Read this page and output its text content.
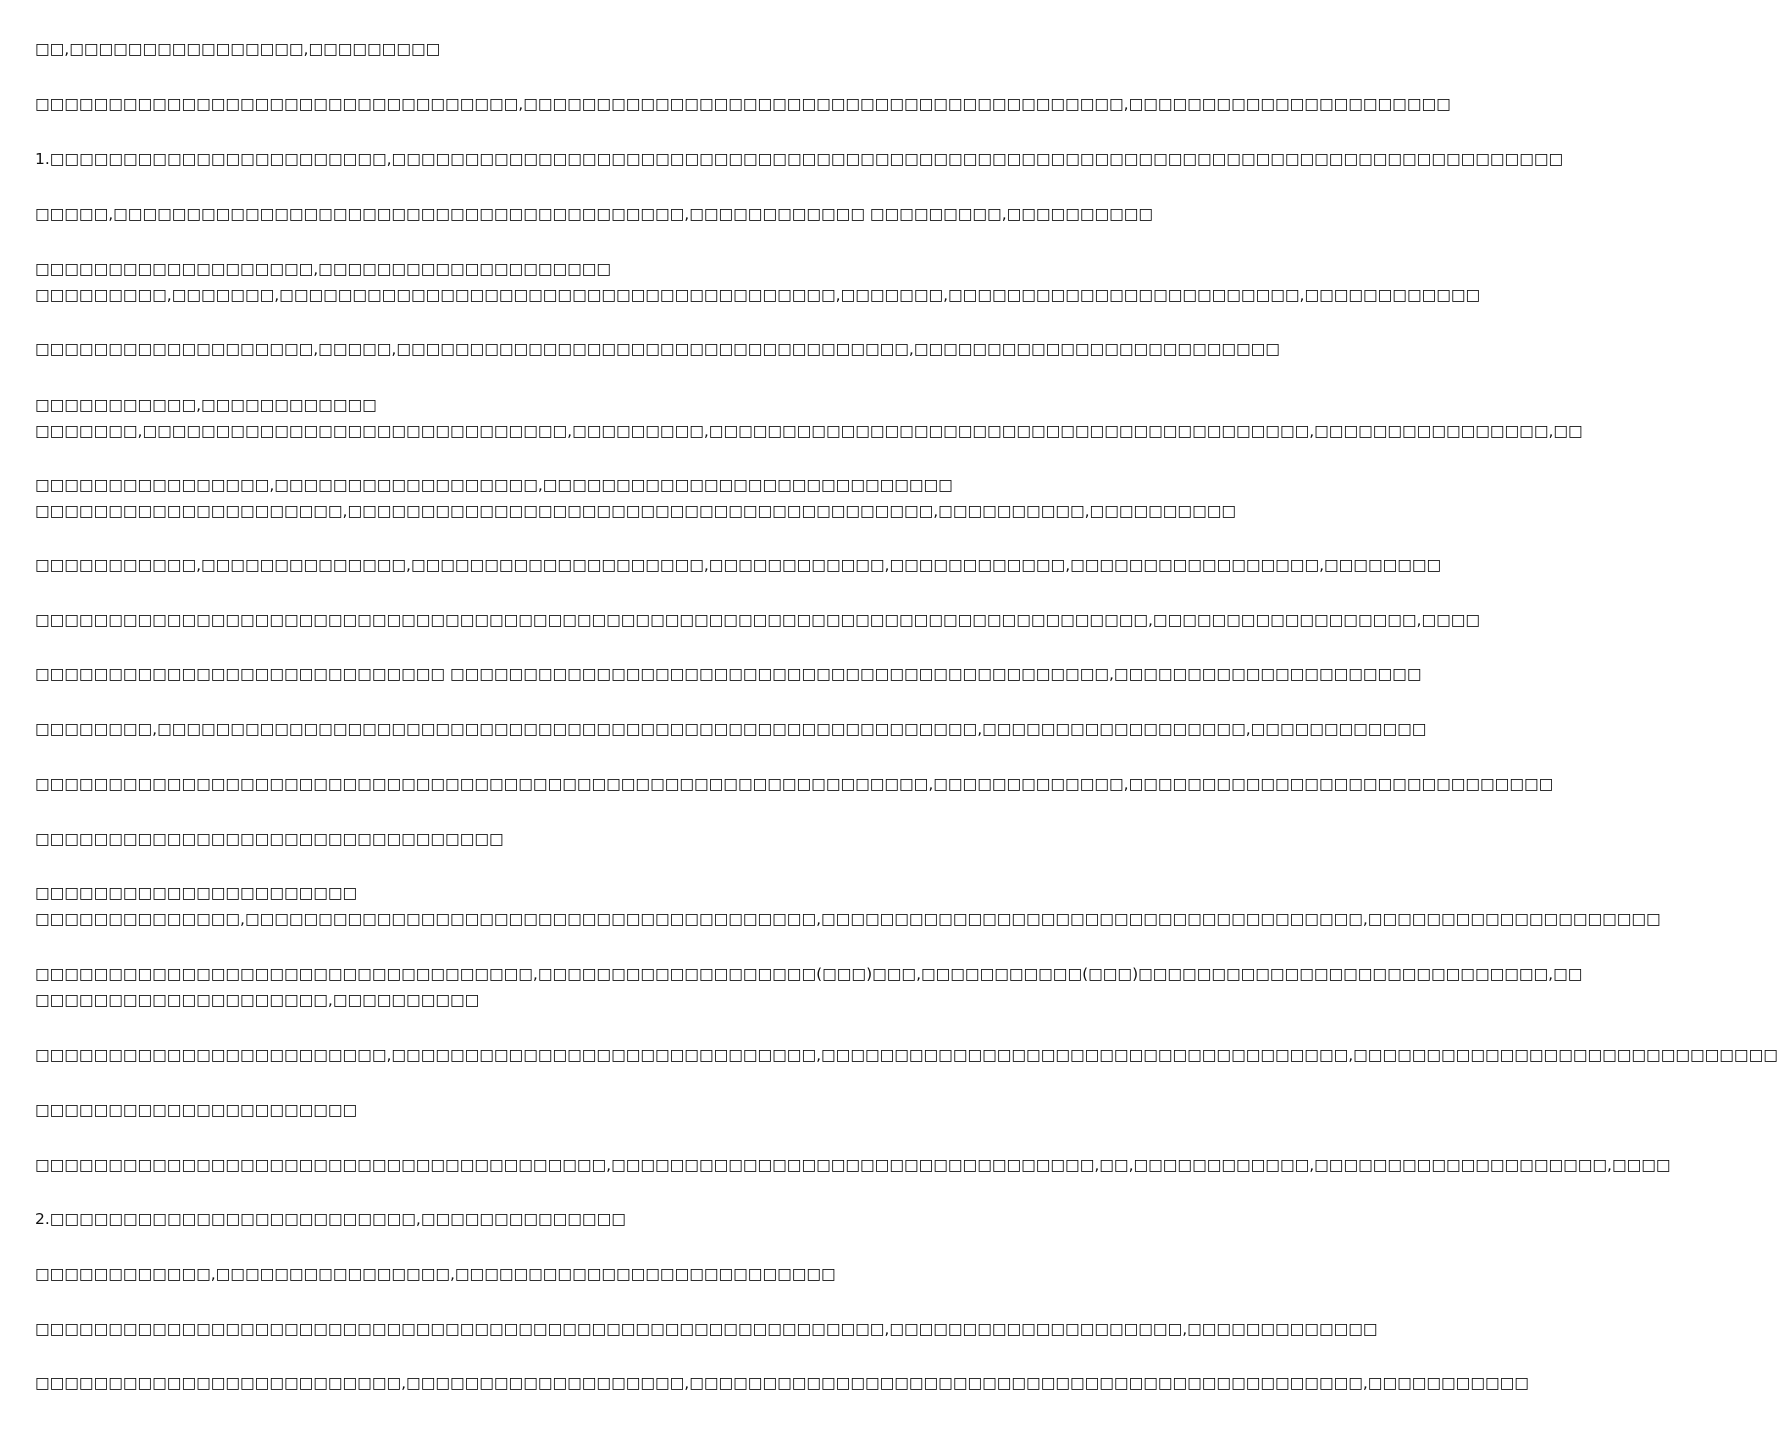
□□,□□□□□□□□□□□□□□□□,□□□□□□□□□
□□□□□□□□□□□□□□□□□□□□□□□□□□□□□□□□□,□□□□□□□□□□□□□□□□□□□□□□□□□□□□□□□□□□□□□□□□□,□□□□□□□□□□□□□□□□□□□□□□
1.□□□□□□□□□□□□□□□□□□□□□□□,□□□□□□□□□□□□□□□□□□□□□□□□□□□□□□□□□□□□□□□□□□□□□□□□□□□□□□□□□□□□□□□□□□□□□□□□□□□□□□□□
□□□□□,□□□□□□□□□□□□□□□□□□□□□□□□□□□□□□□□□□□□□□□,□□□□□□□□□□□□ □□□□□□□□□,□□□□□□□□□□
□□□□□□□□□□□□□□□□□□□,□□□□□□□□□□□□□□□□□□□□
□□□□□□□□□,□□□□□□□,□□□□□□□□□□□□□□□□□□□□□□□□□□□□□□□□□□□□□□,□□□□□□□,□□□□□□□□□□□□□□□□□□□□□□□□,□□□□□□□□□□□□
□□□□□□□□□□□□□□□□□□□,□□□□□,□□□□□□□□□□□□□□□□□□□□□□□□□□□□□□□□□□□,□□□□□□□□□□□□□□□□□□□□□□□□□
□□□□□□□□□□□,□□□□□□□□□□□□
□□□□□□□,□□□□□□□□□□□□□□□□□□□□□□□□□□□□□,□□□□□□□□□,□□□□□□□□□□□□□□□□□□□□□□□□□□□□□□□□□□□□□□□□□,□□□□□□□□□□□□□□□□,□□
□□□□□□□□□□□□□□□□,□□□□□□□□□□□□□□□□□□,□□□□□□□□□□□□□□□□□□□□□□□□□□□□
□□□□□□□□□□□□□□□□□□□□□,□□□□□□□□□□□□□□□□□□□□□□□□□□□□□□□□□□□□□□□□,□□□□□□□□□□,□□□□□□□□□□
□□□□□□□□□□□,□□□□□□□□□□□□□□,□□□□□□□□□□□□□□□□□□□□,□□□□□□□□□□□□,□□□□□□□□□□□□,□□□□□□□□□□□□□□□□□,□□□□□□□□
□□□□□□□□□□□□□□□□□□□□□□□□□□□□□□□□□□□□□□□□□□□□□□□□□□□□□□□□□□□□□□□□□□□□□□□□□□□□,□□□□□□□□□□□□□□□□□□,□□□□
□□□□□□□□□□□□□□□□□□□□□□□□□□□□ □□□□□□□□□□□□□□□□□□□□□□□□□□□□□□□□□□□□□□□□□□□□□,□□□□□□□□□□□□□□□□□□□□□
□□□□□□□□,□□□□□□□□□□□□□□□□□□□□□□□□□□□□□□□□□□□□□□□□□□□□□□□□□□□□□□□□,□□□□□□□□□□□□□□□□□□,□□□□□□□□□□□□
□□□□□□□□□□□□□□□□□□□□□□□□□□□□□□□□□□□□□□□□□□□□□□□□□□□□□□□□□□□□□,□□□□□□□□□□□□□,□□□□□□□□□□□□□□□□□□□□□□□□□□□□□
□□□□□□□□□□□□□□□□□□□□□□□□□□□□□□□□
□□□□□□□□□□□□□□□□□□□□□□
□□□□□□□□□□□□□□,□□□□□□□□□□□□□□□□□□□□□□□□□□□□□□□□□□□□□□□,□□□□□□□□□□□□□□□□□□□□□□□□□□□□□□□□□□□□□,□□□□□□□□□□□□□□□□□□□□
□□□□□□□□□□□□□□□□□□□□□□□□□□□□□□□□□□,□□□□□□□□□□□□□□□□□□□(□□□)□□□,□□□□□□□□□□□(□□□)□□□□□□□□□□□□□□□□□□□□□□□□□□□□,□□
□□□□□□□□□□□□□□□□□□□□,□□□□□□□□□□
□□□□□□□□□□□□□□□□□□□□□□□□,□□□□□□□□□□□□□□□□□□□□□□□□□□□□□,□□□□□□□□□□□□□□□□□□□□□□□□□□□□□□□□□□□□,□□□□□□□□□□□□□□□□□□□□□□□□□□□□□
□□□□□□□□□□□□□□□□□□□□□□
□□□□□□□□□□□□□□□□□□□□□□□□□□□□□□□□□□□□□□□,□□□□□□□□□□□□□□□□□□□□□□□□□□□□□□□□□,□□,□□□□□□□□□□□□,□□□□□□□□□□□□□□□□□□□□,□□□□
2.□□□□□□□□□□□□□□□□□□□□□□□□□,□□□□□□□□□□□□□□
□□□□□□□□□□□□,□□□□□□□□□□□□□□□□,□□□□□□□□□□□□□□□□□□□□□□□□□□
□□□□□□□□□□□□□□□□□□□□□□□□□□□□□□□□□□□□□□□□□□□□□□□□□□□□□□□□□□,□□□□□□□□□□□□□□□□□□□□,□□□□□□□□□□□□□
□□□□□□□□□□□□□□□□□□□□□□□□□,□□□□□□□□□□□□□□□□□□□,□□□□□□□□□□□□□□□□□□□□□□□□□□□□□□□□□□□□□□□□□□□□□□,□□□□□□□□□□□
